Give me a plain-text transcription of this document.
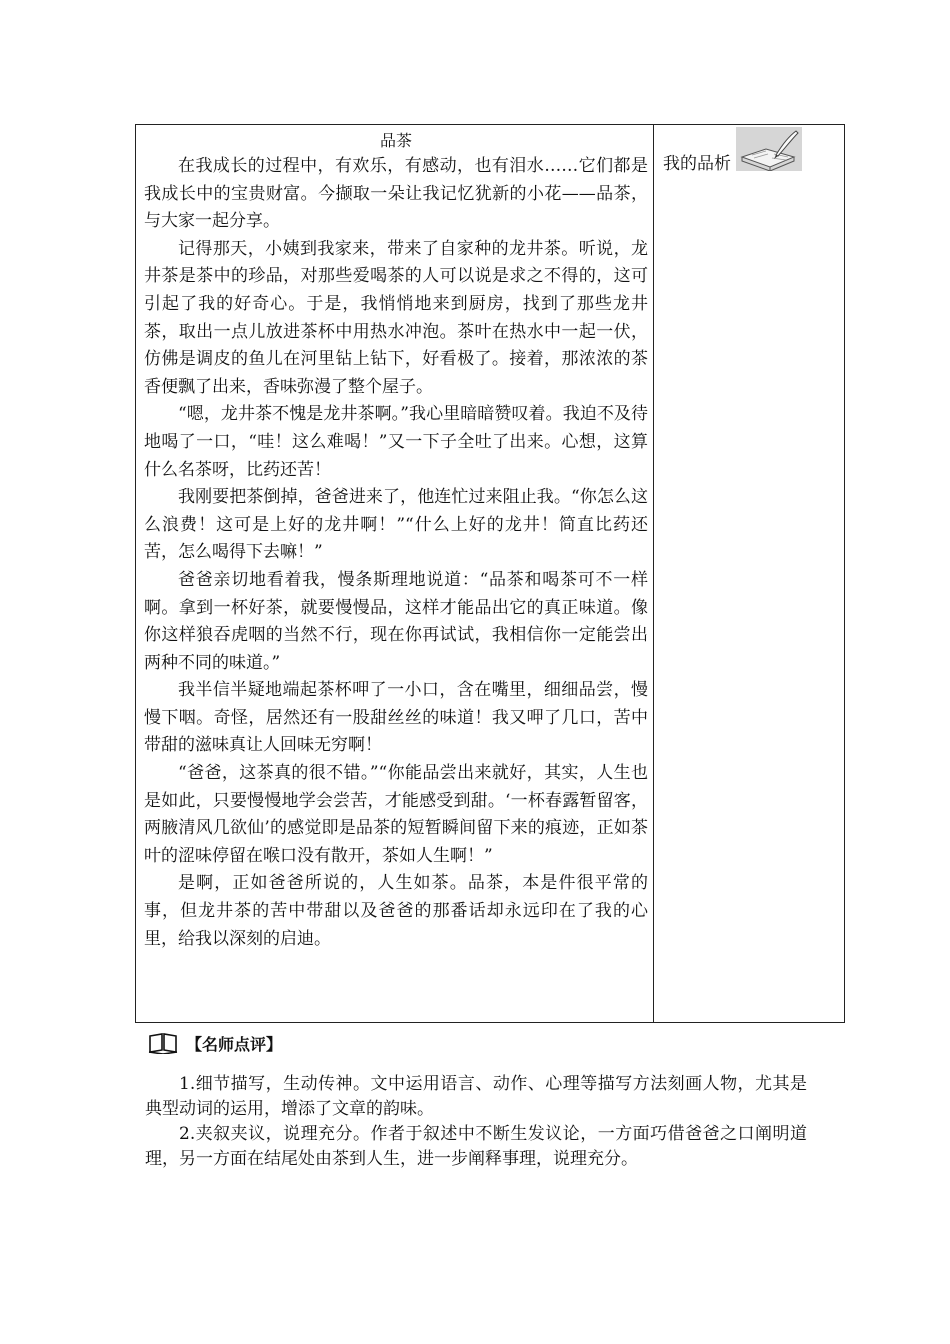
品茶

在我成长的过程中，有欢乐，有感动，也有泪水……它们都是我成长中的宝贵财富。今撷取一朵让我记忆犹新的小花——品茶，与大家一起分享。

记得那天，小姨到我家来，带来了自家种的龙井茶。听说，龙井茶是茶中的珍品，对那些爱喝茶的人可以说是求之不得的，这可引起了我的好奇心。于是，我悄悄地来到厨房，找到了那些龙井茶，取出一点儿放进茶杯中用热水冲泡。茶叶在热水中一起一伏，仿佛是调皮的鱼儿在河里钻上钻下，好看极了。接着，那浓浓的茶香便飘了出来，香味弥漫了整个屋子。

“嗯，龙井茶不愧是龙井茶啊。”我心里暗暗赞叹着。我迫不及待地喝了一口，“哇！这么难喝！”又一下子全吐了出来。心想，这算什么名茶呀，比药还苦！

我刚要把茶倒掉，爸爸进来了，他连忙过来阻止我。“你怎么这么浪费！这可是上好的龙井啊！”“什么上好的龙井！简直比药还苦，怎么喝得下去嘛！”

爸爸亲切地看着我，慢条斯理地说道：“品茶和喝茶可不一样啊。拿到一杯好茶，就要慢慢品，这样才能品出它的真正味道。像你这样狼吞虎咽的当然不行，现在你再试试，我相信你一定能尝出两种不同的味道。”

我半信半疑地端起茶杯呷了一小口，含在嘴里，细细品尝，慢慢下咽。奇怪，居然还有一股甜丝丝的味道！我又呷了几口，苦中带甜的滋味真让人回味无穷啊！

“爸爸，这茶真的很不错。”“你能品尝出来就好，其实，人生也是如此，只要慢慢地学会尝苦，才能感受到甜。‘一杯春露暂留客，两腋清风几欲仙’的感觉即是品茶的短暂瞬间留下来的痕迹，正如茶叶的涩味停留在喉口没有散开，茶如人生啊！”

是啊，正如爸爸所说的，人生如茶。品茶，本是件很平常的事，但龙井茶的苦中带甜以及爸爸的那番话却永远印在了我的心里，给我以深刻的启迪。

我的品析
【名师点评】

1.细节描写，生动传神。文中运用语言、动作、心理等描写方法刻画人物，尤其是典型动词的运用，增添了文章的韵味。

2.夹叙夹议，说理充分。作者于叙述中不断生发议论，一方面巧借爸爸之口阐明道理，另一方面在结尾处由茶到人生，进一步阐释事理，说理充分。
